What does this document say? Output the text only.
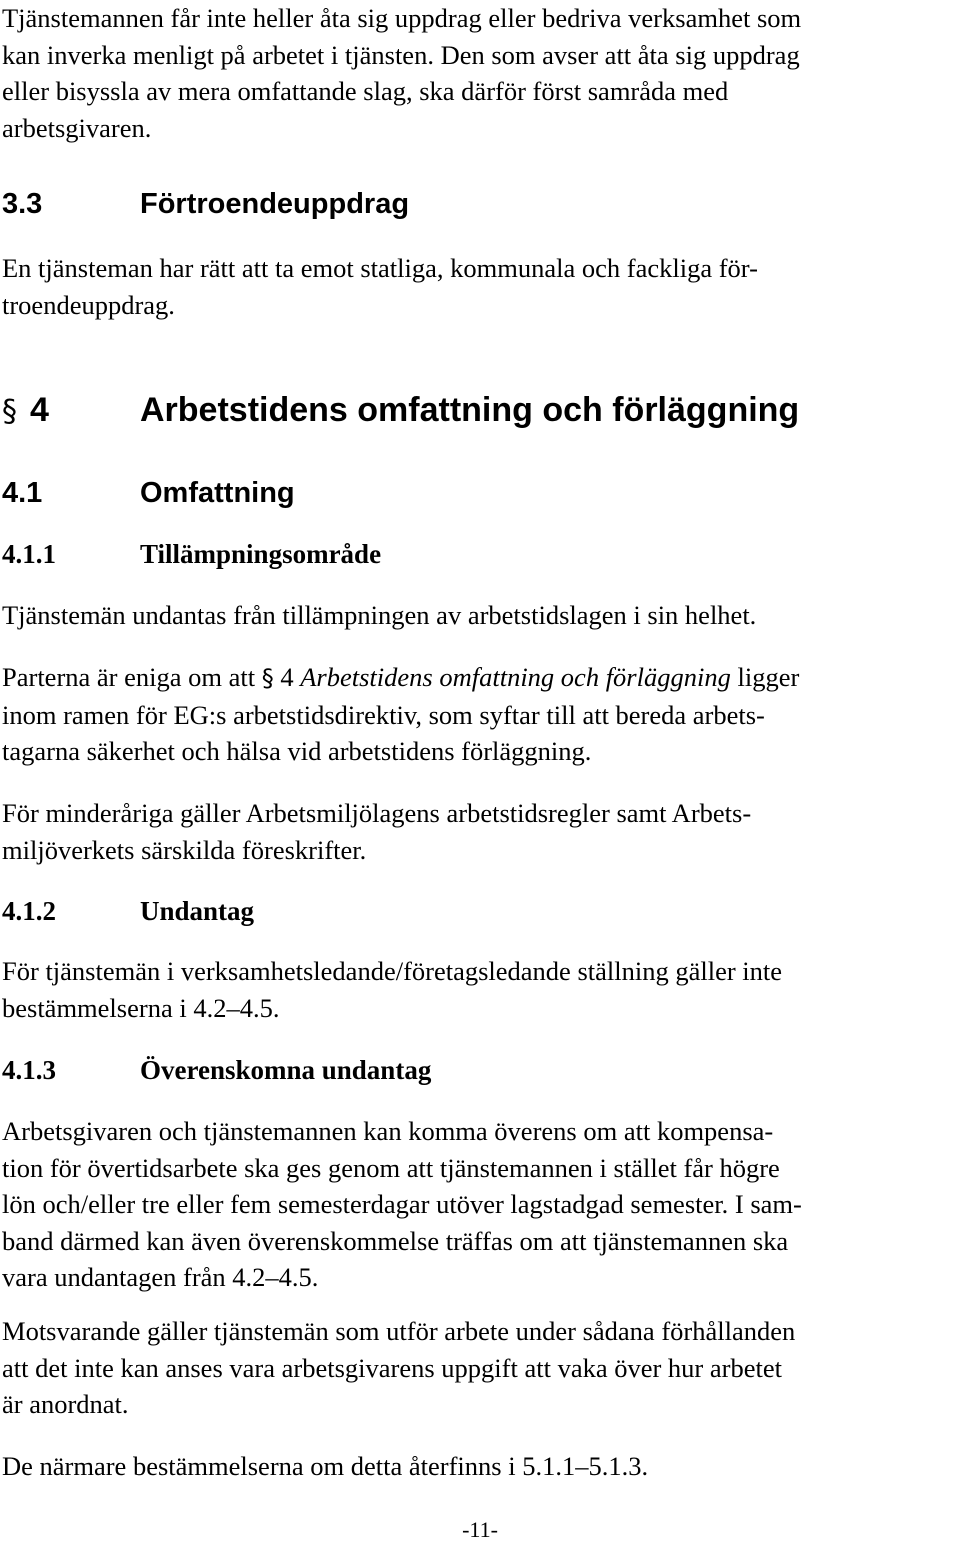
Tjänstemannen får inte heller åta sig uppdrag eller bedriva verksamhet som
kan inverka menligt på arbetet i tjänsten. Den som avser att åta sig uppdrag
eller bisyssla av mera omfattande slag, ska därför först samråda med
arbetsgivaren.
3.3	Förtroendeuppdrag
En tjänsteman har rätt att ta emot statliga, kommunala och fackliga för-
troendeuppdrag.
§ 4	Arbetstidens omfattning och förläggning
4.1	Omfattning
4.1.1	Tillämpningsområde
Tjänstemän undantas från tillämpningen av arbetstidslagen i sin helhet.
Parterna är eniga om att § 4 Arbetstidens omfattning och förläggning ligger
inom ramen för EG:s arbetstidsdirektiv, som syftar till att bereda arbets-
tagarna säkerhet och hälsa vid arbetstidens förläggning.
För minderåriga gäller Arbetsmiljölagens arbetstidsregler samt Arbets-
miljöverkets särskilda föreskrifter.
4.1.2	Undantag
För tjänstemän i verksamhetsledande/företagsledande ställning gäller inte
bestämmelserna i 4.2–4.5.
4.1.3	Överenskomna undantag
Arbetsgivaren och tjänstemannen kan komma överens om att kompensa-
tion för övertidsarbete ska ges genom att tjänstemannen i stället får högre
lön och/eller tre eller fem semesterdagar utöver lagstadgad semester. I sam-
band därmed kan även överenskommelse träffas om att tjänstemannen ska
vara undantagen från 4.2–4.5.
Motsvarande gäller tjänstemän som utför arbete under sådana förhållanden
att det inte kan anses vara arbetsgivarens uppgift att vaka över hur arbetet
är anordnat.
De närmare bestämmelserna om detta återfinns i 5.1.1–5.1.3.
-11-
